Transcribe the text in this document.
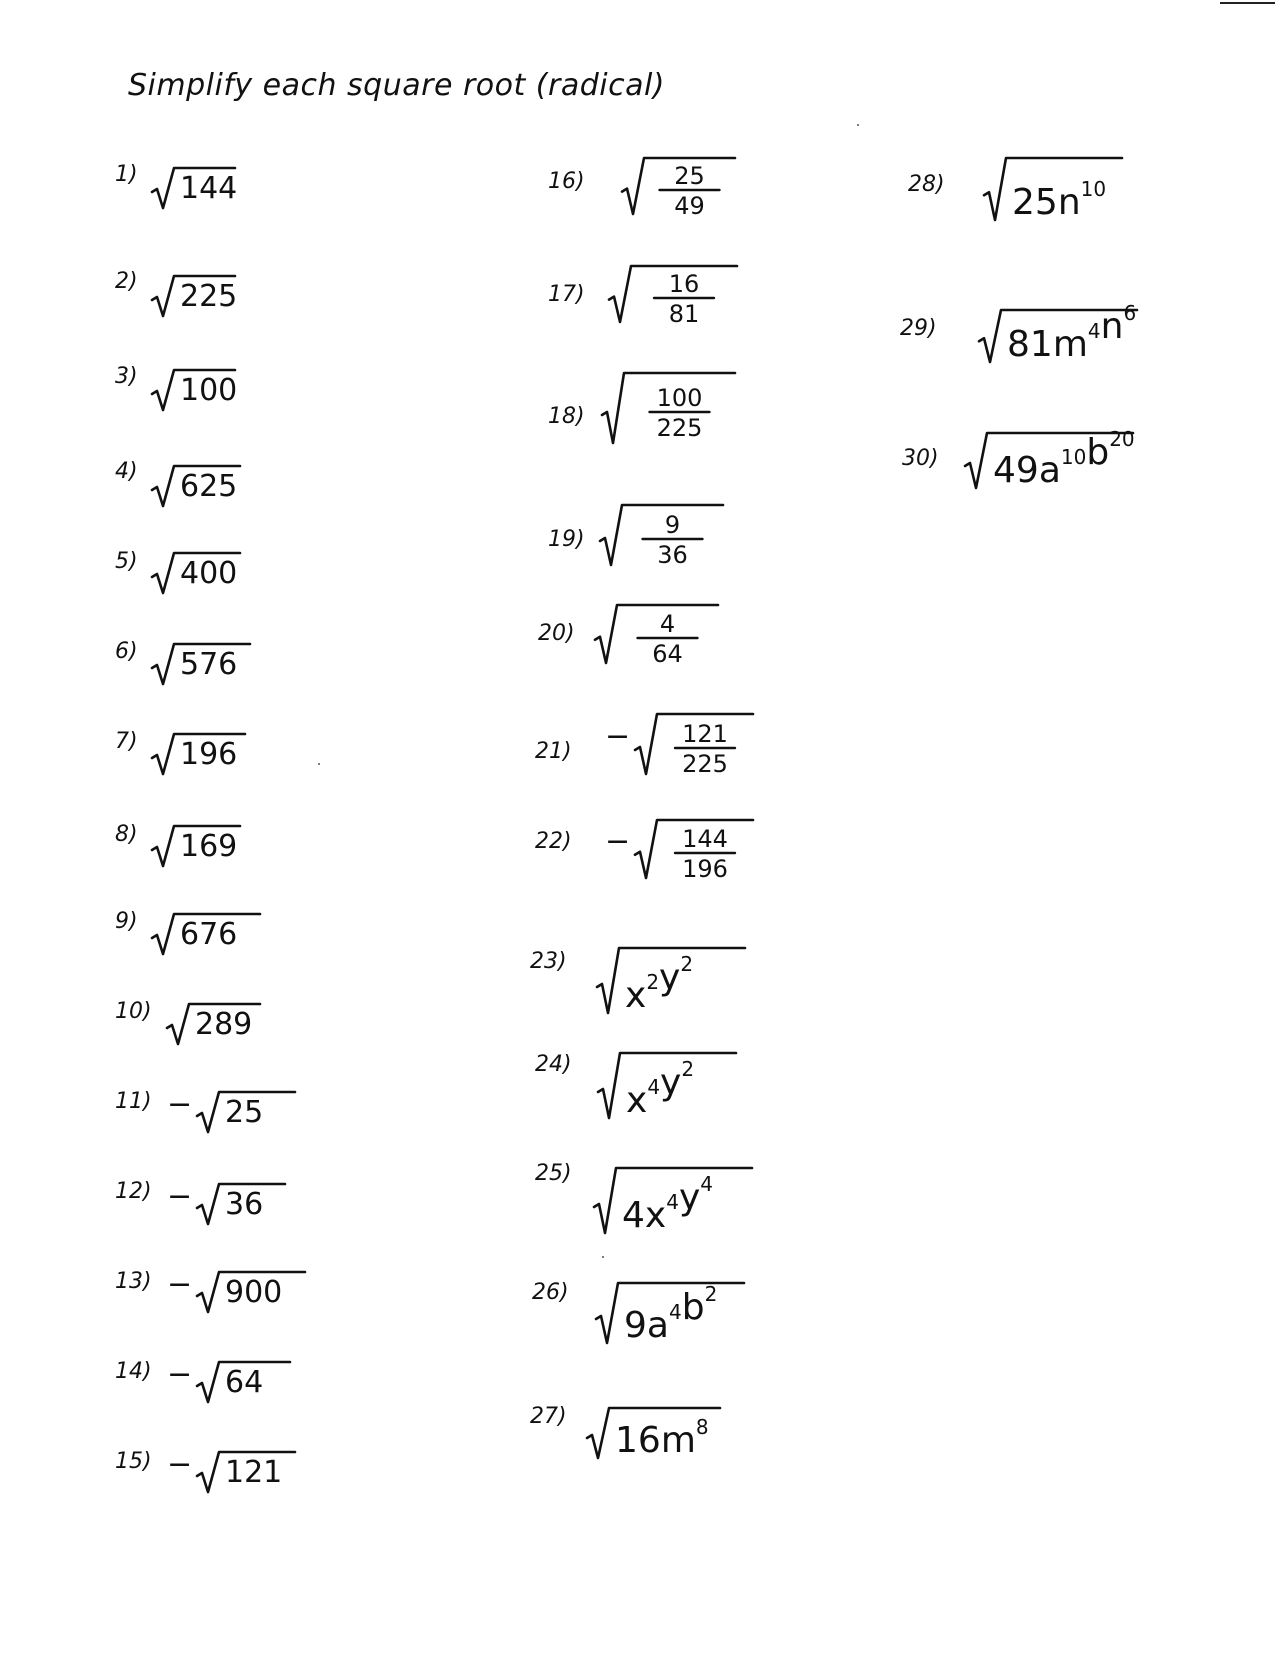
Simplify each square root (radical)
1) 144
2) 225
3) 100
4) 625
5) 400
6) 576
7) 196
8) 169
9) 676
10) 289
11) − 25
12) − 36
13) − 900
14) − 64
15) − 121
16)	25
49
17)	16
81
18)
100
225
19)
9
36
20)	4
64
21) − 121
225
22) − 144
196
23)
$x^2y^2$
24)
$x^4y^2$
25)
$4x^4y^4$
26)
$9a^4b^2$
27)
$16m^8$
28) $25n^{10}$
29) $81m^4n^6$
30) $49a^{10}b^{20}$
